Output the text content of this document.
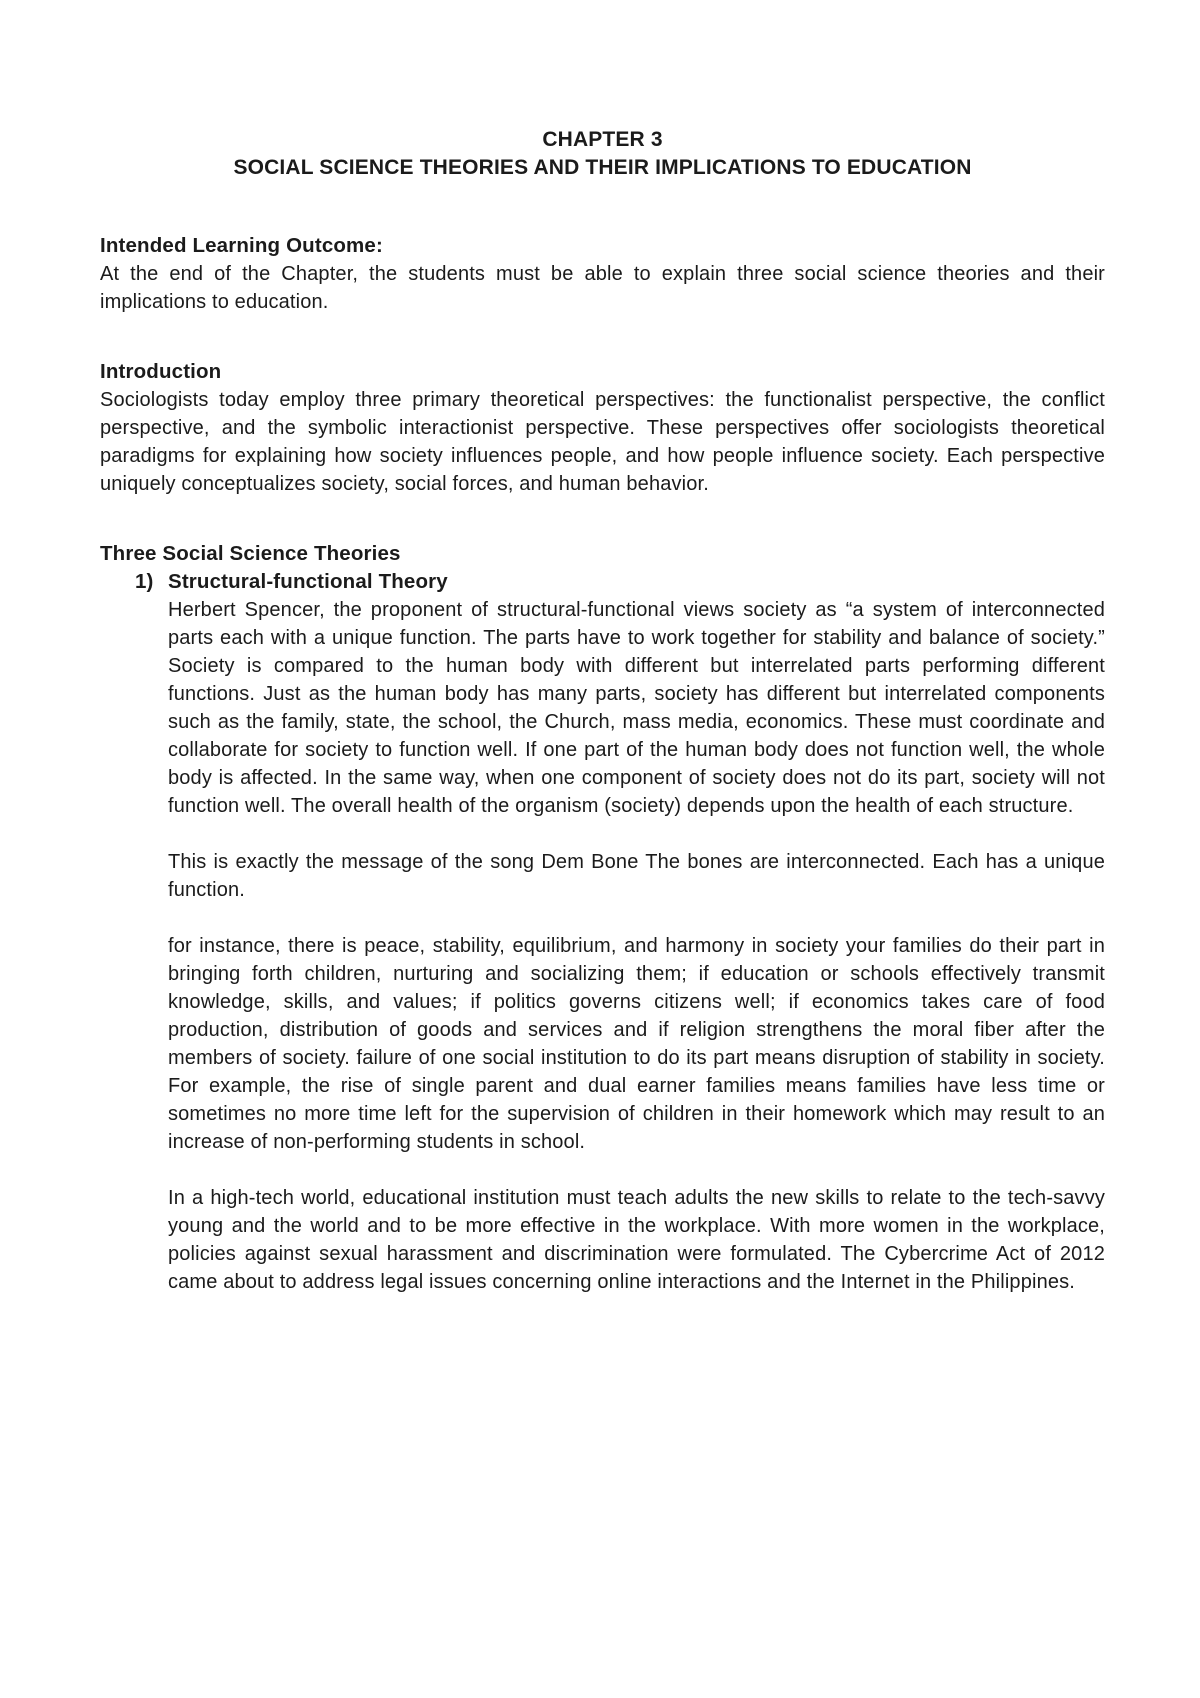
CHAPTER 3
SOCIAL SCIENCE THEORIES AND THEIR IMPLICATIONS TO EDUCATION
Intended Learning Outcome:

At the end of the Chapter, the students must be able to explain three social science theories and their implications to education.

Introduction

Sociologists today employ three primary theoretical perspectives: the functionalist perspective, the conflict perspective, and the symbolic interactionist perspective. These perspectives offer sociologists theoretical paradigms for explaining how society influences people, and how people influence society. Each perspective uniquely conceptualizes society, social forces, and human behavior.

Three Social Science Theories
1) Structural-functional Theory

Herbert Spencer, the proponent of structural-functional views society as “a system of interconnected parts each with a unique function. The parts have to work together for stability and balance of society.” Society is compared to the human body with different but interrelated parts performing different functions. Just as the human body has many parts, society has different but interrelated components such as the family, state, the school, the Church, mass media, economics. These must coordinate and collaborate for society to function well. If one part of the human body does not function well, the whole body is affected. In the same way, when one component of society does not do its part, society will not function well. The overall health of the organism (society) depends upon the health of each structure.

This is exactly the message of the song Dem Bone The bones are interconnected. Each has a unique function.

for instance, there is peace, stability, equilibrium, and harmony in society your families do their part in bringing forth children, nurturing and socializing them; if education or schools effectively transmit knowledge, skills, and values; if politics governs citizens well; if economics takes care of food production, distribution of goods and services and if religion strengthens the moral fiber after the members of society. failure of one social institution to do its part means disruption of stability in society. For example, the rise of single parent and dual earner families means families have less time or sometimes no more time left for the supervision of children in their homework which may result to an increase of non-performing students in school.

In a high-tech world, educational institution must teach adults the new skills to relate to the tech-savvy young and the world and to be more effective in the workplace. With more women in the workplace, policies against sexual harassment and discrimination were formulated. The Cybercrime Act of 2012 came about to address legal issues concerning online interactions and the Internet in the Philippines.
